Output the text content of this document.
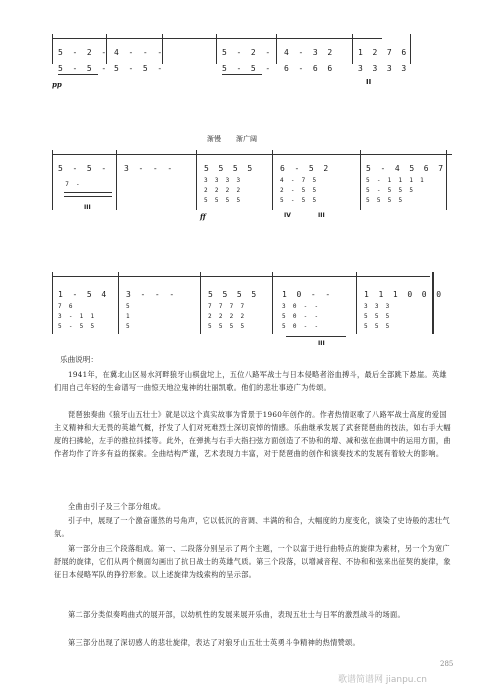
5  -  2  -
5  -  5  -
4  -  -  -
5  -  5  -
5  -  2  -
5  -  5  -
4  -  3  2
6  -  6  6
1  2  7  6
3  3  3  3
pp	II
渐慢 渐广阔
5  -  5  -
7  -
3  -  -  -	5  5  5  5
3  3  3  3
2  2  2  2
5  5  5  5
6  -  5  2
4  -  7  5
2  -  5  5
5  -  5  5
5  -  4  5  6  7
5  -  1  1  1  1
5  -  5  5  5
5  5  5  5
ff
III
IV	III
1  -  5  4
7  6
3  -  1  1
5  -  5  5
3  -  -  -
5
1
5
5  5  5  5
7  7  7  7
2  2  2  2
5  5  5  5
1  0  -  -
3  0  -  -
5  0  -  -
5  0  -  -
1  1  1  0  0  0
3  3  3
5  5  5
5  5  5
III
乐曲说明：
1941年，在冀北山区易水河畔狼牙山棋盘坨上，五位八路军战士与日本侵略者浴血搏斗，最后全部跳下悬崖。英雄们用自己年轻的生命谱写一曲惊天地泣鬼神的壮丽凯歌。他们的悲壮事迹广为传颂。
琵琶独奏曲《狼牙山五壮士》就是以这个真实故事为背景于1960年创作的。作者热情讴歌了八路军战士高度的爱国主义精神和大无畏的英雄气概，抒发了人们对死难烈士深切哀悼的情感。乐曲继承发展了武套琵琶曲的技法，如右手大幅度的扫拂轮，左手的推拉抖揉等。此外，在弹挑与右手大指扫弦方面创造了不协和的增、减和弦在曲调中的运用方面，曲作者均作了许多有益的探索。全曲结构严谨，艺术表现力丰富，对于琵琶曲的创作和演奏技术的发展有着较大的影响。
全曲由引子及三个部分组成。
引子中，展现了一个激奋谨然的号角声，它以低沉的音调、丰满的和合，大幅度的力度变化，演染了史诗般的悲壮气氛。
第一部分由三个段落组成。第一、二段落分别呈示了两个主题，一个以富于进行曲特点的旋律为素材，另一个为宽广舒展的旋律，它们从两个侧面勾画出了抗日战士的英雄气质。第三个段落，以增减音程、不协和和弦来出征契的旋律，象征日本侵略军队的狰狞形象。以上述旋律为线索构的呈示部。
第二部分类似奏鸣曲式的展开部，以幼机性的发展来展开乐曲，表现五壮士与日军的激烈战斗的场面。
第三部分出现了深切感人的悲壮旋律，表达了对狼牙山五壮士英勇斗争精神的热情赞颂。
285
歌谱简谱网 jianpu.cn
